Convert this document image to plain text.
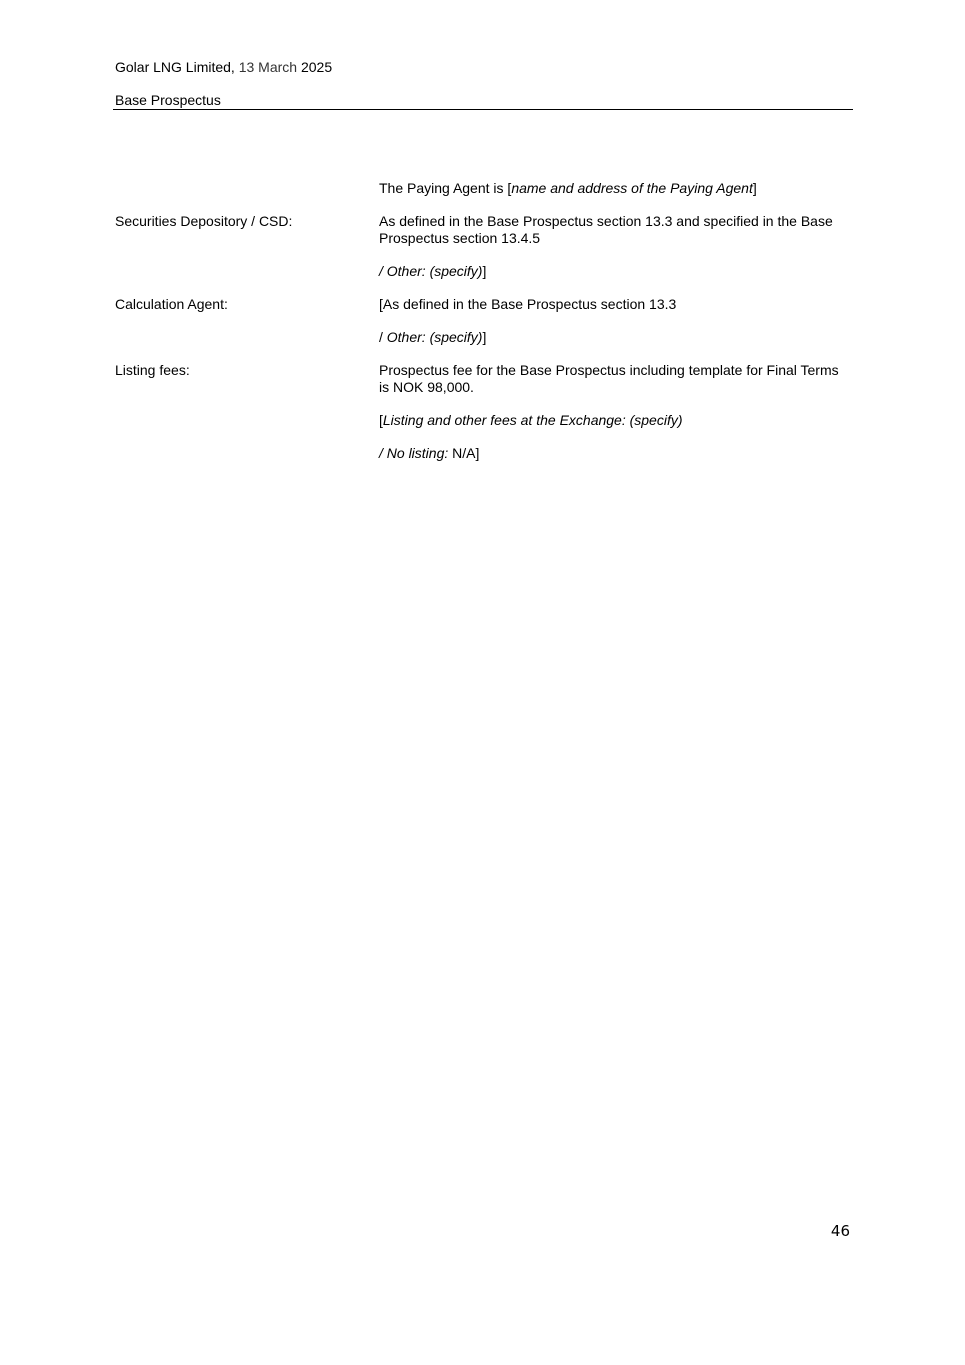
Golar LNG Limited, 13 March 2025
Base Prospectus

The Paying Agent is [name and address of the Paying Agent]

Securities Depository / CSD:	As defined in the Base Prospectus section 13.3 and specified in the Base Prospectus section 13.4.5

/ Other: (specify)]

Calculation Agent:	[As defined in the Base Prospectus section 13.3

/ Other: (specify)]

Listing fees:	Prospectus fee for the Base Prospectus including template for Final Terms is NOK 98,000.

[Listing and other fees at the Exchange: (specify)

/ No listing: N/A]

46
